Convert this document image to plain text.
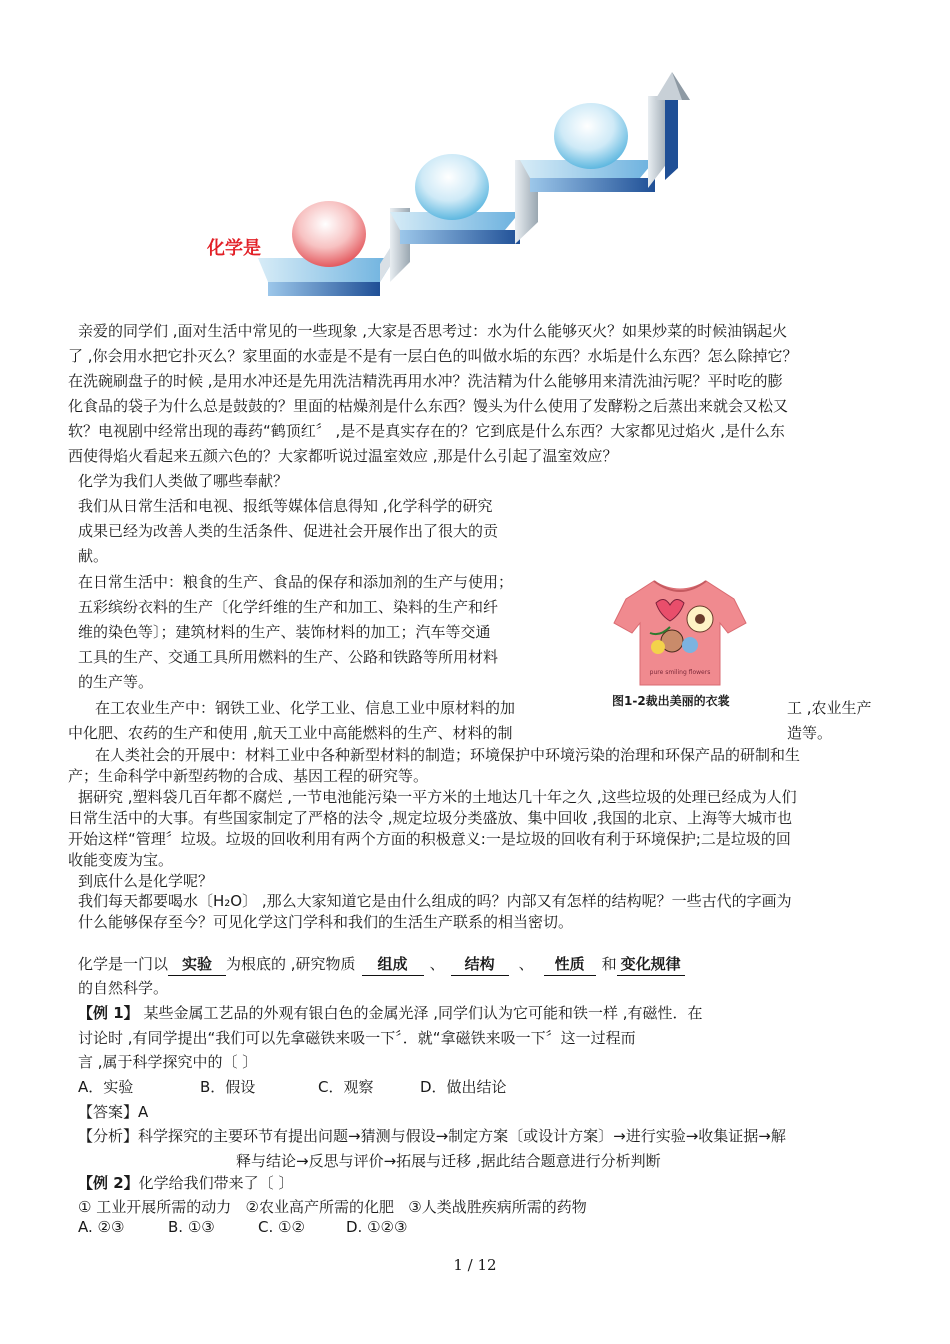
化学是
亲爱的同学们 ,面对生活中常见的一些现象 ,大家是否思考过：水为什么能够灭火？如果炒菜的时候油锅起火
了 ,你会用水把它扑灭么？家里面的水壶是不是有一层白色的叫做水垢的东西？水垢是什么东西？怎么除掉它？
在洗碗刷盘子的时候 ,是用水冲还是先用洗洁精洗再用水冲？洗洁精为什么能够用来清洗油污呢？平时吃的膨
化食品的袋子为什么总是鼓鼓的？里面的枯燥剂是什么东西？馒头为什么使用了发酵粉之后蒸出来就会又松又
软？电视剧中经常出现的毒药“鹤顶红〞 ,是不是真实存在的？它到底是什么东西？大家都见过焰火 ,是什么东
西使得焰火看起来五颜六色的？大家都听说过温室效应 ,那是什么引起了温室效应？
化学为我们人类做了哪些奉献？
我们从日常生活和电视、报纸等媒体信息得知 ,化学科学的研究
成果已经为改善人类的生活条件、促进社会开展作出了很大的贡
献。
在日常生活中：粮食的生产、食品的保存和添加剂的生产与使用；
五彩缤纷衣料的生产〔化学纤维的生产和加工、染料的生产和纤
维的染色等〕；建筑材料的生产、装饰材料的加工；汽车等交通
工具的生产、交通工具所用燃料的生产、公路和铁路等所用材料
的生产等。
pure smiling flowers
图1-2裁出美丽的衣裳
在工农业生产中：钢铁工业、化学工业、信息工业中原材料的加
中化肥、农药的生产和使用 ,航天工业中高能燃料的生产、材料的制
工 ,农业生产
造等。
在人类社会的开展中：材料工业中各种新型材料的制造；环境保护中环境污染的治理和环保产品的研制和生
产；生命科学中新型药物的合成、基因工程的研究等。
据研究 ,塑料袋几百年都不腐烂 ,一节电池能污染一平方米的土地达几十年之久 ,这些垃圾的处理已经成为人们
日常生活中的大事。有些国家制定了严格的法令 ,规定垃圾分类盛放、集中回收 ,我国的北京、上海等大城市也
开始这样“管理〞垃圾。垃圾的回收利用有两个方面的积极意义:一是垃圾的回收有利于环境保护;二是垃圾的回
收能变废为宝。
到底什么是化学呢？
我们每天都要喝水〔H₂O〕 ,那么大家知道它是由什么组成的吗？内部又有怎样的结构呢？一些古代的字画为
什么能够保存至今？可见化学这门学科和我们的生活生产联系的相当密切。
化学是一门以 实验 为根底的 ,研究物质 组成 、 结构 、 性质 和 变化规律
的自然科学。
【例 1】 某些金属工艺品的外观有银白色的金属光泽 ,同学们认为它可能和铁一样 ,有磁性．在
讨论时 ,有同学提出“我们可以先拿磁铁来吸一下〞．就“拿磁铁来吸一下〞这一过程而
言 ,属于科学探究中的〔 〕
A．实验	B．假设	C．观察	D．做出结论
【答案】A
【分析】科学探究的主要环节有提出问题→猜测与假设→制定方案〔或设计方案〕→进行实验→收集证据→解
释与结论→反思与评价→拓展与迁移 ,据此结合题意进行分析判断
【例 2】化学给我们带来了〔 〕
① 工业开展所需的动力   ②农业高产所需的化肥   ③人类战胜疾病所需的药物
A. ②③	B. ①③	C. ①②	D. ①②③
1 / 12
